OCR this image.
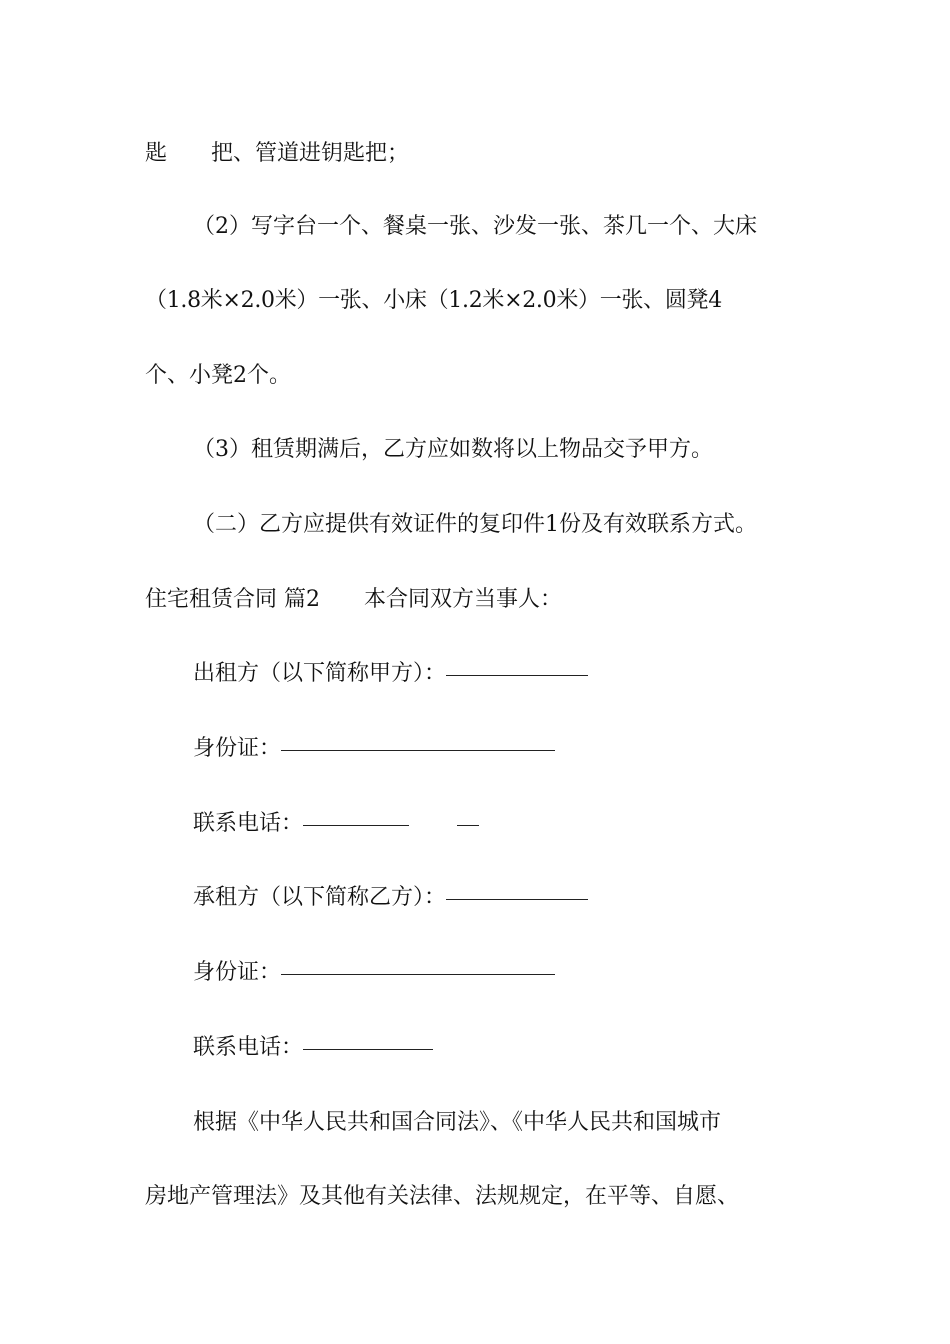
匙　　把、管道进钥匙把；
（2）写字台一个、餐桌一张、沙发一张、茶几一个、大床
（1.8米×2.0米）一张、小床（1.2米×2.0米）一张、圆凳4
个、小凳2个。
（3）租赁期满后，乙方应如数将以上物品交予甲方。
（二）乙方应提供有效证件的复印件1份及有效联系方式。
住宅租赁合同 篇2　　本合同双方当事人：
出租方（以下简称甲方）：
身份证：
联系电话：
承租方（以下简称乙方）：
身份证：
联系电话：
根据《中华人民共和国合同法》、《中华人民共和国城市
房地产管理法》及其他有关法律、法规规定，在平等、自愿、
